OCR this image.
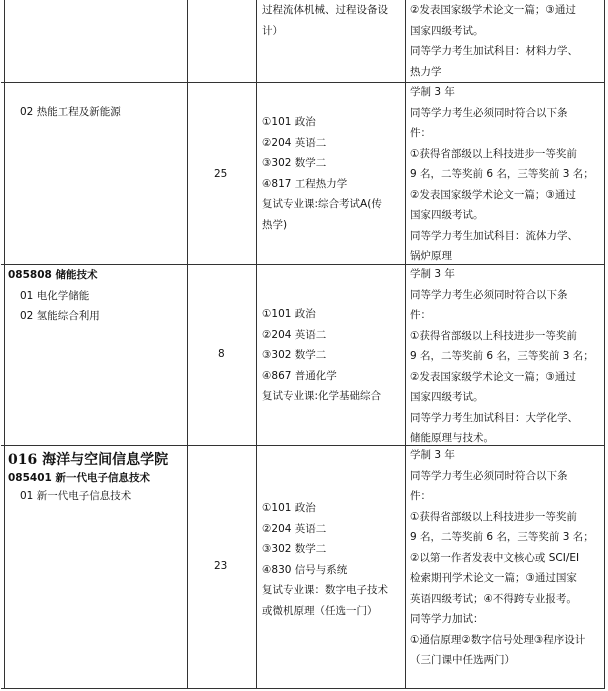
过程流体机械、过程设备设
计）
②发表国家级学术论文一篇；③通过
国家四级考试。
同等学力考生加试科目：材料力学、
热力学
02 热能工程及新能源
25
①101 政治
②204 英语二
③302 数学二
④817 工程热力学
复试专业课:综合考试A(传
热学)
学制 3 年
同等学力考生必须同时符合以下条
件：
①获得省部级以上科技进步一等奖前
9 名，二等奖前 6 名，三等奖前 3 名；
②发表国家级学术论文一篇；③通过
国家四级考试。
同等学力考生加试科目：流体力学、
锅炉原理
085808 储能技术
01 电化学储能
02 氢能综合利用
8
①101 政治
②204 英语二
③302 数学二
④867 普通化学
复试专业课:化学基础综合
学制 3 年
同等学力考生必须同时符合以下条
件：
①获得省部级以上科技进步一等奖前
9 名，二等奖前 6 名，三等奖前 3 名；
②发表国家级学术论文一篇；③通过
国家四级考试。
同等学力考生加试科目：大学化学、
储能原理与技术。
016 海洋与空间信息学院
085401 新一代电子信息技术
01 新一代电子信息技术
23
①101 政治
②204 英语二
③302 数学二
④830 信号与系统
复试专业课：数字电子技术
或微机原理（任选一门）
学制 3 年
同等学力考生必须同时符合以下条
件：
①获得省部级以上科技进步一等奖前
9 名，二等奖前 6 名，三等奖前 3 名；
②以第一作者发表中文核心或 SCI/EI
检索期刊学术论文一篇；③通过国家
英语四级考试；④不得跨专业报考。
同等学力加试：
①通信原理②数字信号处理③程序设计
（三门课中任选两门）
